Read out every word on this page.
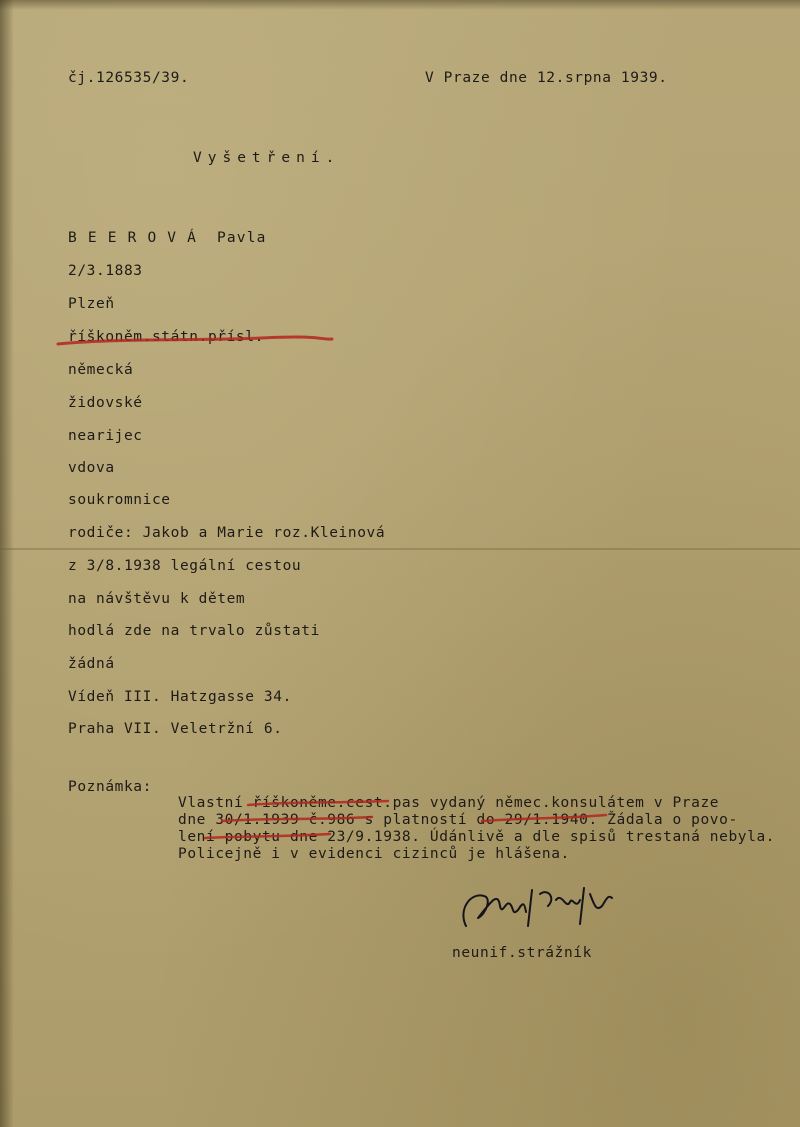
čj.126535/39.	V Praze dne 12.srpna 1939.
Vyšetření.
B E E R O V Á  Pavla
2/3.1883
Plzeň
říškoněm.státn.přísl.
německá
židovské
nearijec
vdova
soukromnice
rodiče: Jakob a Marie roz.Kleinová
z 3/8.1938 legální cestou
na návštěvu k dětem
hodlá zde na trvalo zůstati
žádná
Vídeň III. Hatzgasse 34.
Praha VII. Veletržní 6.
Poznámka:
Vlastní říškoněme.cest.pas vydaný němec.konsulátem v Praze
dne 30/1.1939 č.986 s platností do 29/1.1940. Žádala o povo-
lení pobytu dne 23/9.1938. Údánlivě a dle spisů trestaná nebyla.
Policejně i v evidenci cizinců je hlášena.
neunif.strážník
